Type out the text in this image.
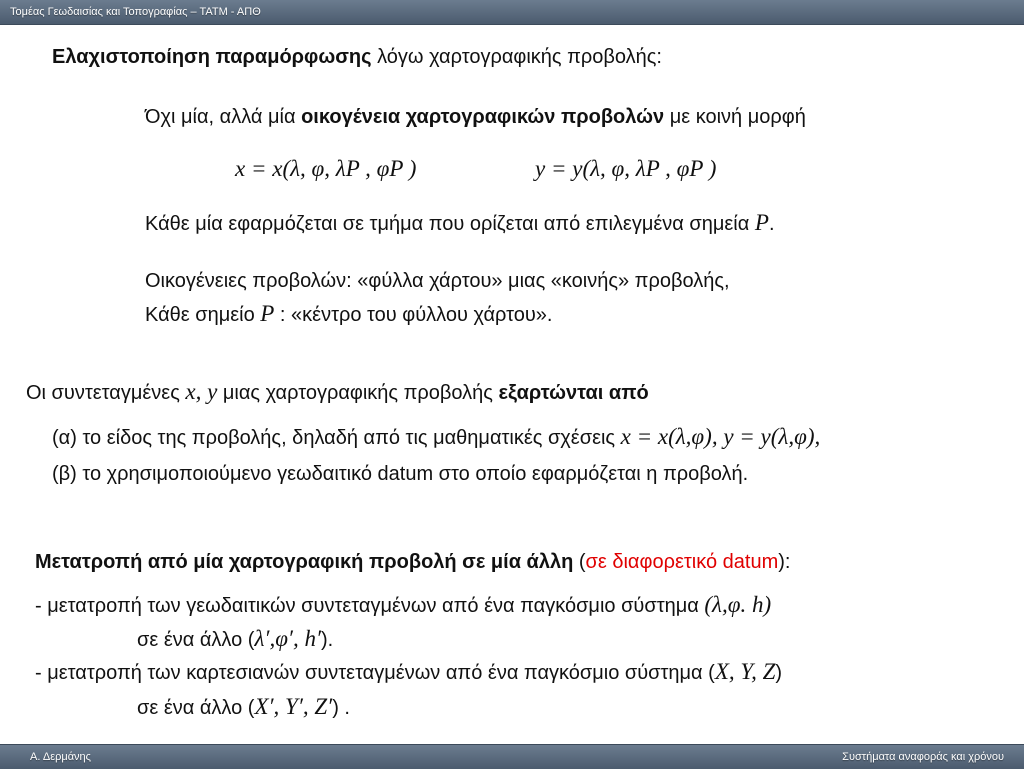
Τομέας Γεωδαισίας και Τοπογραφίας – ΤΑΤΜ - ΑΠΘ
Ελαχιστοποίηση παραμόρφωσης λόγω χαρτογραφικής προβολής:
Όχι μία, αλλά μία οικογένεια χαρτογραφικών προβολών με κοινή μορφή
x = x(λ, φ, λP , φP )	y = y(λ, φ, λP , φP )
Κάθε μία εφαρμόζεται σε τμήμα που ορίζεται από επιλεγμένα σημεία P.
Οικογένειες προβολών: «φύλλα χάρτου» μιας «κοινής» προβολής,
Κάθε σημείο P : «κέντρο του φύλλου χάρτου».
Οι συντεταγμένες x, y μιας χαρτογραφικής προβολής εξαρτώνται από
(α) το είδος της προβολής, δηλαδή από τις μαθηματικές σχέσεις x = x(λ,φ), y = y(λ,φ),
(β) το χρησιμοποιούμενο γεωδαιτικό datum στο οποίο εφαρμόζεται η προβολή.
Μετατροπή από μία χαρτογραφική προβολή σε μία άλλη (σε διαφορετικό datum):
- μετατροπή των γεωδαιτικών συντεταγμένων από ένα παγκόσμιο σύστημα (λ,φ. h)
σε ένα άλλο (λ′,φ′, h′).
- μετατροπή των καρτεσιανών συντεταγμένων από ένα παγκόσμιο σύστημα (X, Y, Z)
σε ένα άλλο (X′, Y′, Z′) .
Α. Δερμάνης	Συστήματα αναφοράς και χρόνου
